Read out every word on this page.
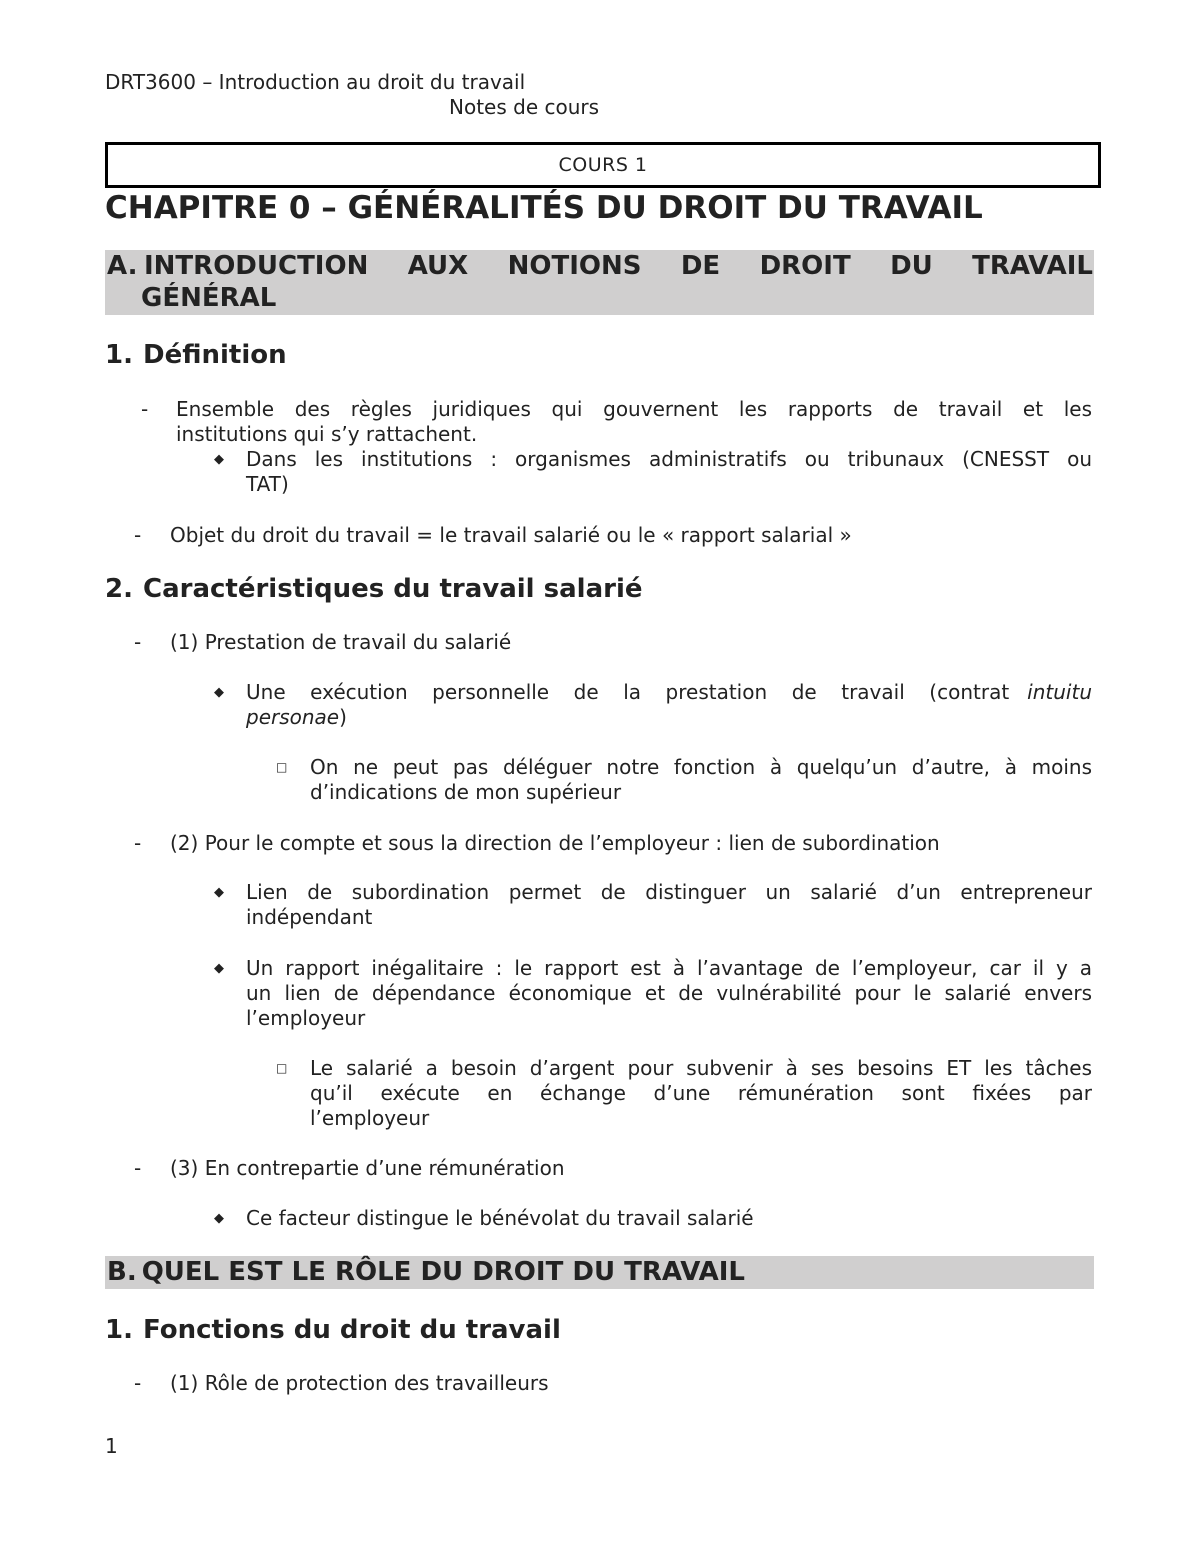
DRT3600 – Introduction au droit du travail
Notes de cours
COURS 1
CHAPITRE 0 – GÉNÉRALITÉS DU DROIT DU TRAVAIL
A. INTRODUCTION AUX NOTIONS DE DROIT DU TRAVAIL
GÉNÉRAL
1. Définition
- Ensemble des règles juridiques qui gouvernent les rapports de travail et les
institutions qui s’y rattachent.
◆ Dans les institutions : organismes administratifs ou tribunaux (CNESST ou
TAT)
- Objet du droit du travail = le travail salarié ou le « rapport salarial »
2. Caractéristiques du travail salarié
- (1) Prestation de travail du salarié
◆ Une exécution personnelle de la prestation de travail (contrat intuitu
personae)
□ On ne peut pas déléguer notre fonction à quelqu’un d’autre, à moins
d’indications de mon supérieur
- (2) Pour le compte et sous la direction de l’employeur : lien de subordination
◆ Lien de subordination permet de distinguer un salarié d’un entrepreneur
indépendant
◆ Un rapport inégalitaire : le rapport est à l’avantage de l’employeur, car il y a
un lien de dépendance économique et de vulnérabilité pour le salarié envers
l’employeur
□ Le salarié a besoin d’argent pour subvenir à ses besoins ET les tâches
qu’il exécute en échange d’une rémunération sont fixées par
l’employeur
- (3) En contrepartie d’une rémunération
◆ Ce facteur distingue le bénévolat du travail salarié
B. QUEL EST LE RÔLE DU DROIT DU TRAVAIL
1. Fonctions du droit du travail
- (1) Rôle de protection des travailleurs
1
